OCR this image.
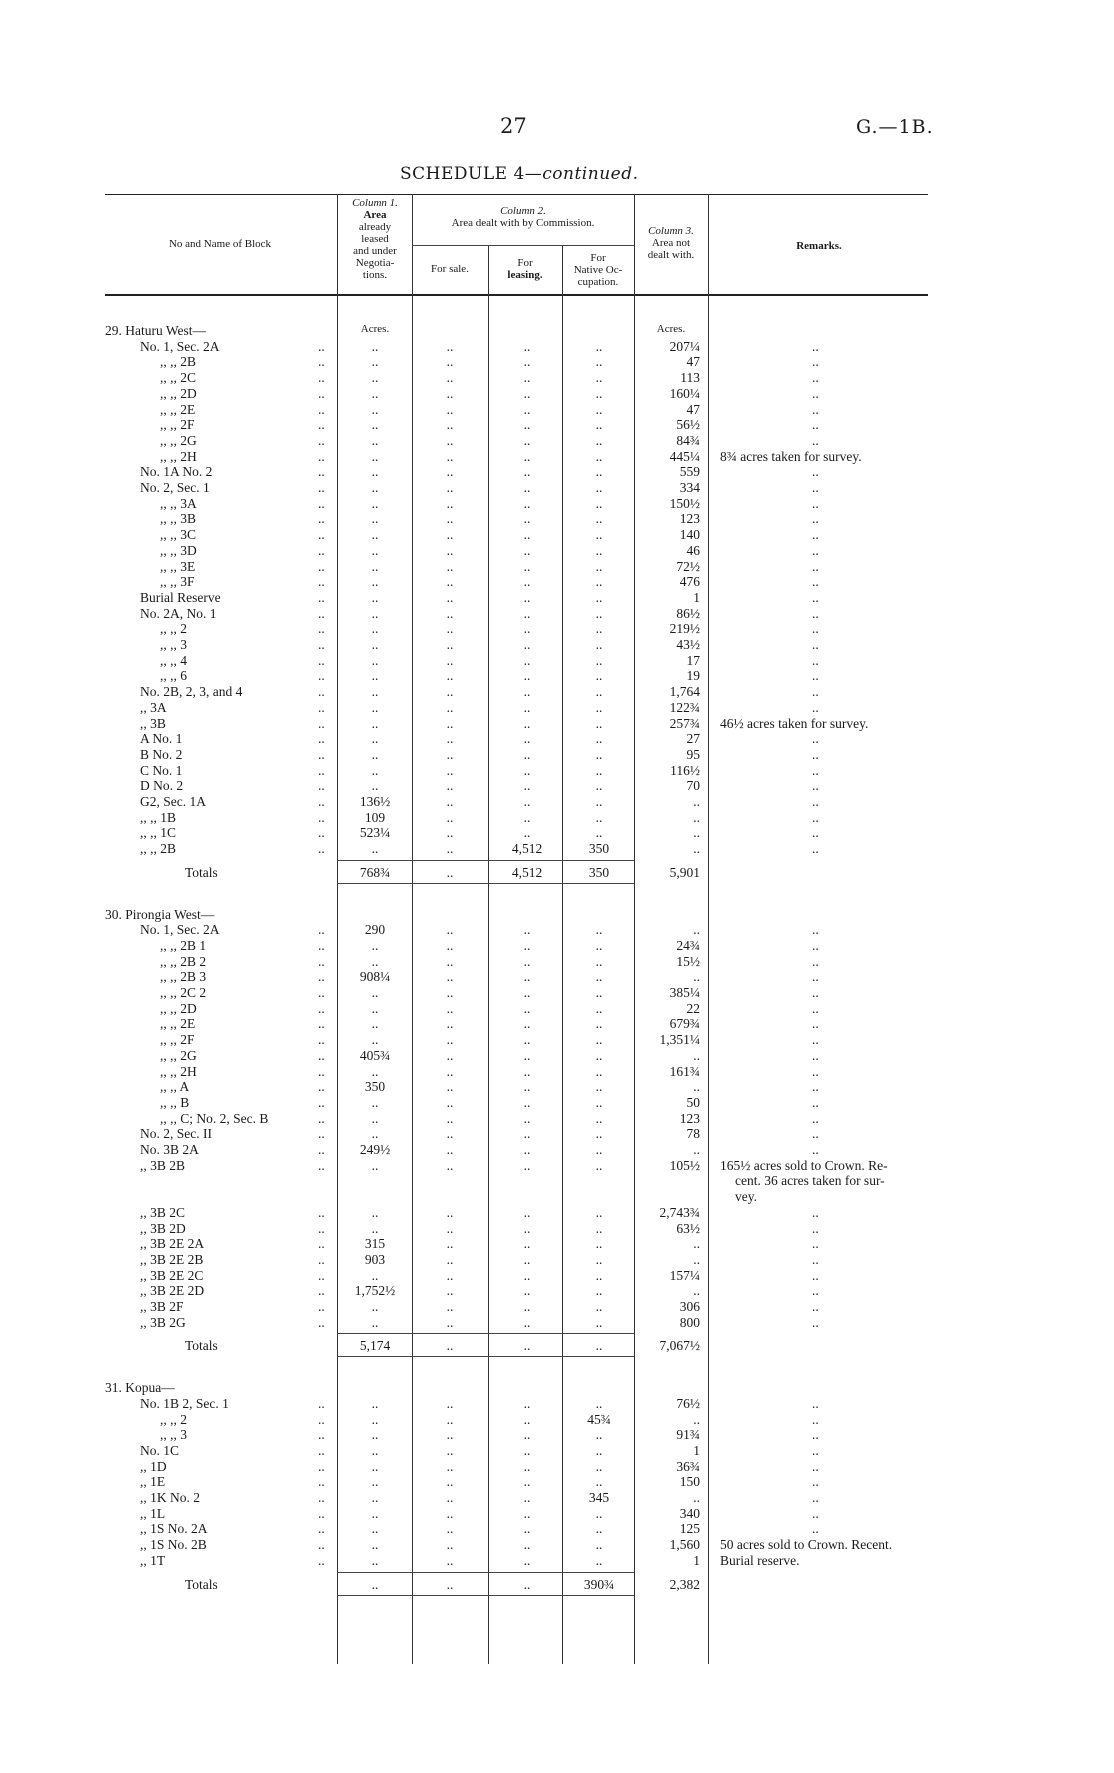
27	G.—1B.
SCHEDULE 4—continued.
No and Name of Block
Column 1.
Area
already
leased
and under
Negotia-
tions.
Column 2.
Area dealt with by Commission.
For sale.	For
leasing.
For
Native Oc-
cupation.
Column 3.
Area not
dealt with.
Remarks.
Acres.	Acres.
29. Haturu West—
No. 1, Sec. 2A	..	..	..	..	..	207¼	..
,, ,, 2B	..	..	..	..	..	47	..
,, ,, 2C	..	..	..	..	..	113	..
,, ,, 2D	..	..	..	..	..	160¼	..
,, ,, 2E	..	..	..	..	..	47	..
,, ,, 2F	..	..	..	..	..	56½	..
,, ,, 2G	..	..	..	..	..	84¾	..
,, ,, 2H	..	..	..	..	..	445¼ 8¾ acres taken for survey.
No. 1A No. 2	..	..	..	..	..	559	..
No. 2, Sec. 1	..	..	..	..	..	334	..
,, ,, 3A	..	..	..	..	..	150½	..
,, ,, 3B	..	..	..	..	..	123	..
,, ,, 3C	..	..	..	..	..	140	..
,, ,, 3D	..	..	..	..	..	46	..
,, ,, 3E	..	..	..	..	..	72½	..
,, ,, 3F	..	..	..	..	..	476	..
Burial Reserve	..	..	..	..	..	1	..
No. 2A, No. 1	..	..	..	..	..	86½	..
,, ,, 2	..	..	..	..	..	219½	..
,, ,, 3	..	..	..	..	..	43½	..
,, ,, 4	..	..	..	..	..	17	..
,, ,, 6	..	..	..	..	..	19	..
No. 2B, 2, 3, and 4	..	..	..	..	..	1,764	..
,, 3A	..	..	..	..	..	122¾	..
,, 3B	..	..	..	..	..	257¾ 46½ acres taken for survey.
A No. 1	..	..	..	..	..	27	..
B No. 2	..	..	..	..	..	95	..
C No. 1	..	..	..	..	..	116½	..
D No. 2	..	..	..	..	..	70	..
G2, Sec. 1A	..	136½	..	..	..	..	..
,, ,, 1B	..	109	..	..	..	..	..
,, ,, 1C	..	523¼	..	..	..	..	..
,, ,, 2B	..	..	..	4,512	350	..	..
Totals	768¾	..	4,512	350	5,901
30. Pirongia West—
No. 1, Sec. 2A	..	290	..	..	..	..	..
,, ,, 2B 1	..	..	..	..	..	24¾	..
,, ,, 2B 2	..	..	..	..	..	15½	..
,, ,, 2B 3	..	908¼	..	..	..	..	..
,, ,, 2C 2	..	..	..	..	..	385¼	..
,, ,, 2D	..	..	..	..	..	22	..
,, ,, 2E	..	..	..	..	..	679¾	..
,, ,, 2F	..	..	..	..	..	1,351¼	..
,, ,, 2G	..	405¾	..	..	..	..	..
,, ,, 2H	..	..	..	..	..	161¾	..
,, ,, A	..	350	..	..	..	..	..
,, ,, B	..	..	..	..	..	50	..
,, ,, C; No. 2, Sec. B	..	..	..	..	..	123	..
No. 2, Sec. II	..	..	..	..	..	78	..
No. 3B 2A	..	249½	..	..	..	..	..
,, 3B 2B	..	..	..	..	..	105½ 165½ acres sold to Crown. Re-
cent. 36 acres taken for sur-
vey.
,, 3B 2C	..	..	..	..	..	2,743¾	..
,, 3B 2D	..	..	..	..	..	63½	..
,, 3B 2E 2A	..	315	..	..	..	..	..
,, 3B 2E 2B	..	903	..	..	..	..	..
,, 3B 2E 2C	..	..	..	..	..	157¼	..
,, 3B 2E 2D	..	1,752½	..	..	..	..	..
,, 3B 2F	..	..	..	..	..	306	..
,, 3B 2G	..	..	..	..	..	800	..
Totals	5,174	..	..	..	7,067½
31. Kopua—
No. 1B 2, Sec. 1	..	..	..	..	..	76½	..
,, ,, 2	..	..	..	..	45¾	..	..
,, ,, 3	..	..	..	..	..	91¾	..
No. 1C	..	..	..	..	..	1	..
,, 1D	..	..	..	..	..	36¾	..
,, 1E	..	..	..	..	..	150	..
,, 1K No. 2	..	..	..	..	345	..	..
,, 1L	..	..	..	..	..	340	..
,, 1S No. 2A	..	..	..	..	..	125	..
,, 1S No. 2B	..	..	..	..	..	1,560 50 acres sold to Crown. Recent.
,, 1T	..	..	..	..	..	1 Burial reserve.
Totals	..	..	..	390¾	2,382
